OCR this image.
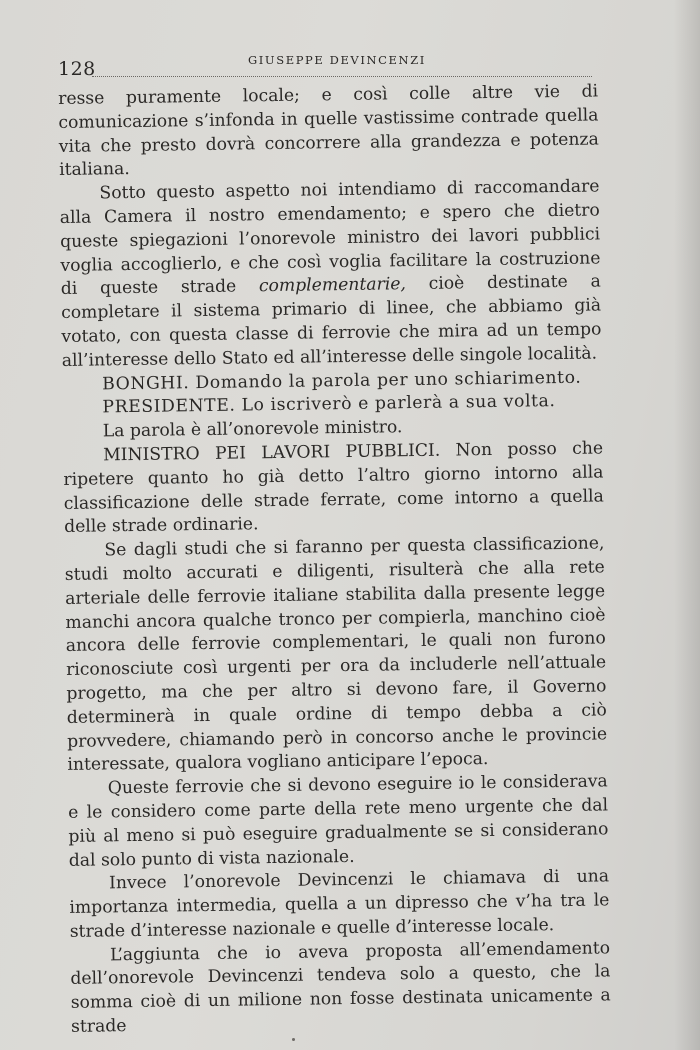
128	GIUSEPPE DEVINCENZI

resse puramente locale; e così colle altre vie di comunicazione s’infonda in quelle vastissime contrade quella vita che presto dovrà concorrere alla grandezza e potenza italiana.

Sotto questo aspetto noi intendiamo di raccomandare alla Camera il nostro emendamento; e spero che dietro queste spiegazioni l’onorevole ministro dei lavori pubblici voglia accoglierlo, e che così voglia facilitare la costruzione di queste strade complementarie, cioè destinate a completare il sistema primario di linee, che abbiamo già votato, con questa classe di ferrovie che mira ad un tempo all’interesse dello Stato ed all’interesse delle singole località.

BONGHI. Domando la parola per uno schiarimento.

PRESIDENTE. Lo iscriverò e parlerà a sua volta.

La parola è all’onorevole ministro.

MINISTRO PEI LAVORI PUBBLICI. Non posso che ripetere quanto ho già detto l’altro giorno intorno alla classificazione delle strade ferrate, come intorno a quella delle strade ordinarie.

Se dagli studi che si faranno per questa classificazione, studi molto accurati e diligenti, risulterà che alla rete arteriale delle ferrovie italiane stabilita dalla presente legge manchi ancora qualche tronco per compierla, manchino cioè ancora delle ferrovie complementari, le quali non furono riconosciute così urgenti per ora da includerle nell’attuale progetto, ma che per altro si devono fare, il Governo determinerà in quale ordine di tempo debba a ciò provvedere, chiamando però in concorso anche le provincie interessate, qualora vogliano anticipare l’epoca.

Queste ferrovie che si devono eseguire io le considerava e le considero come parte della rete meno urgente che dal più al meno si può eseguire gradualmente se si considerano dal solo punto di vista nazionale.

Invece l’onorevole Devincenzi le chiamava di una importanza intermedia, quella a un dipresso che v’ha tra le strade d’interesse nazionale e quelle d’interesse locale.

L’aggiunta che io aveva proposta all’emendamento dell’onorevole Devincenzi tendeva solo a questo, che la somma cioè di un milione non fosse destinata unicamente a strade
